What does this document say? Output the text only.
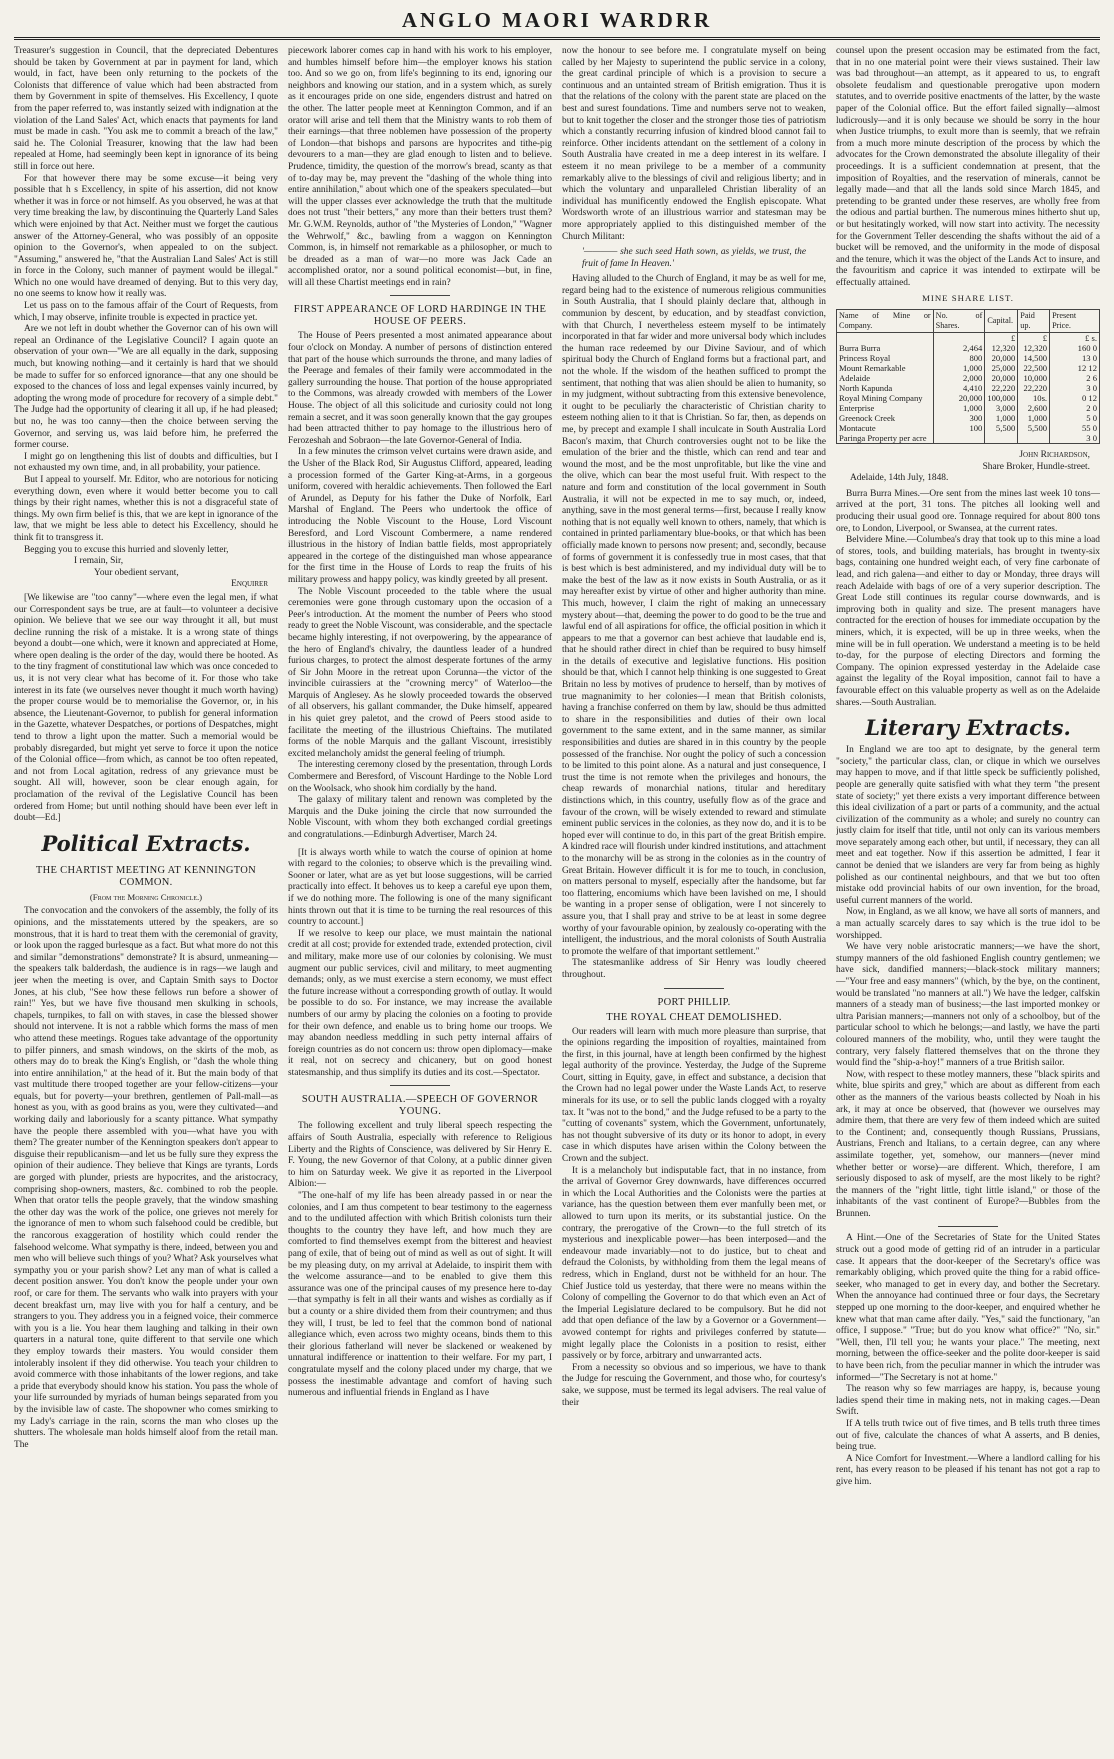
ANGLO MAORI WARDRR

Treasurer's suggestion in Council, that the depreciated Debentures should be taken by Government at par in payment for land, which would, in fact, have been only returning to the pockets of the Colonists that difference of value which had been abstracted from them by Government in spite of themselves. His Excellency, I quote from the paper referred to, was instantly seized with indignation at the violation of the Land Sales' Act, which enacts that payments for land must be made in cash. "You ask me to commit a breach of the law," said he. The Colonial Treasurer, knowing that the law had been repealed at Home, had seemingly been kept in ignorance of its being still in force out here.

For that however there may be some excuse—it being very possible that h s Excellency, in spite of his assertion, did not know whether it was in force or not himself. As you observed, he was at that very time breaking the law, by discontinuing the Quarterly Land Sales which were enjoined by that Act. Neither must we forget the cautious answer of the Attorney-General, who was possibly of an opposite opinion to the Governor's, when appealed to on the subject. "Assuming," answered he, "that the Australian Land Sales' Act is still in force in the Colony, such manner of payment would be illegal." Which no one would have dreamed of denying. But to this very day, no one seems to know how it really was.

Let us pass on to the famous affair of the Court of Requests, from which, I may observe, infinite trouble is expected in practice yet.

Are we not left in doubt whether the Governor can of his own will repeal an Ordinance of the Legislative Council? I again quote an observation of your own—"We are all equally in the dark, supposing much, but knowing nothing—and it certainly is hard that we should be made to suffer for so enforced ignorance—that any one should be exposed to the chances of loss and legal expenses vainly incurred, by adopting the wrong mode of procedure for recovery of a simple debt." The Judge had the opportunity of clearing it all up, if he had pleased; but no, he was too canny—then the choice between serving the Governor, and serving us, was laid before him, he preferred the former course.

I might go on lengthening this list of doubts and difficulties, but I not exhausted my own time, and, in all probability, your patience.

But I appeal to yourself. Mr. Editor, who are notorious for noticing everything down, even where it would better become you to call things by their right names, whether this is not a disgraceful state of things. My own firm belief is this, that we are kept in ignorance of the law, that we might be less able to detect his Excellency, should he think fit to transgress it.

Begging you to excuse this hurried and slovenly letter,

I remain, Sir,

Your obedient servant,

Enquirer

[We likewise are "too canny"—where even the legal men, if what our Correspondent says be true, are at fault—to volunteer a decisive opinion. We believe that we see our way throught it all, but must decline running the risk of a mistake. It is a wrong state of things beyond a doubt—one which, were it known and appreciated at Home, where open dealing is the order of the day, would there be hooted. As to the tiny fragment of constitutional law which was once conceded to us, it is not very clear what has become of it. For those who take interest in its fate (we ourselves never thought it much worth having) the proper course would be to memorialise the Governor, or, in his absence, the Lieutenant-Governor, to publish for general information in the Gazette, whatever Despatches, or portions of Despatches, might tend to throw a light upon the matter. Such a memorial would be probably disregarded, but might yet serve to force it upon the notice of the Colonial office—from which, as cannot be too often repeated, and not from Local agitation, redress of any grievance must be sought. All will, however, soon be clear enough again, for proclamation of the revival of the Legislative Council has been ordered from Home; but until nothing should have been ever left in doubt—Ed.]

Political Extracts.
THE CHARTIST MEETING AT KENNINGTON COMMON.
(From the Morning Chronicle.)

The convocation and the convokers of the assembly, the folly of its opinions, and the misstatements uttered by the speakers, are so monstrous, that it is hard to treat them with the ceremonial of gravity, or look upon the ragged burlesque as a fact. But what more do not this and similar "demonstrations" demonstrate? It is absurd, unmeaning—the speakers talk balderdash, the audience is in rags—we laugh and jeer when the meeting is over, and Captain Smith says to Doctor Jones, at his club, "See how these fellows run before a shower of rain!" Yes, but we have five thousand men skulking in schools, chapels, turnpikes, to fall on with staves, in case the blessed shower should not intervene. It is not a rabble which forms the mass of men who attend these meetings. Rogues take advantage of the opportunity to pilfer pinners, and smash windows, on the skirts of the mob, as others may do to break the King's English, or "dash the whole thing into entire annihilation," at the head of it. But the main body of that vast multitude there trooped together are your fellow-citizens—your equals, but for poverty—your brethren, gentlemen of Pall-mall—as honest as you, with as good brains as you, were they cultivated—and working daily and laboriously for a scanty pittance. What sympathy have the people there assembled with you—what have you with them? The greater number of the Kennington speakers don't appear to disguise their republicanism—and let us be fully sure they express the opinion of their audience. They believe that Kings are tyrants, Lords are gorged with plunder, priests are hypocrites, and the aristocracy, comprising shop-owners, masters, &c. combined to rob the people. When that orator tells the people gravely, that the window smashing the other day was the work of the police, one grieves not merely for the ignorance of men to whom such falsehood could be credible, but the rancorous exaggeration of hostility which could render the falsehood welcome. What sympathy is there, indeed, between you and men who will believe such things of you? What? Ask yourselves what sympathy you or your parish show? Let any man of what is called a decent position answer. You don't know the people under your own roof, or care for them. The servants who walk into prayers with your decent breakfast urn, may live with you for half a century, and be strangers to you. They address you in a feigned voice, their commerce with you is a lie. You hear them laughing and talking in their own quarters in a natural tone, quite different to that servile one which they employ towards their masters. You would consider them intolerably insolent if they did otherwise. You teach your children to avoid commerce with those inhabitants of the lower regions, and take a pride that everybody should know his station. You pass the whole of your life surrounded by myriads of human beings separated from you by the invisible law of caste. The shopowner who comes smirking to my Lady's carriage in the rain, scorns the man who closes up the shutters. The wholesale man holds himself aloof from the retail man. The

piecework laborer comes cap in hand with his work to his employer, and humbles himself before him—the employer knows his station too. And so we go on, from life's beginning to its end, ignoring our neighbors and knowing our station, and in a system which, as surely as it encourages pride on one side, engenders distrust and hatred on the other. The latter people meet at Kennington Common, and if an orator will arise and tell them that the Ministry wants to rob them of their earnings—that three noblemen have possession of the property of London—that bishops and parsons are hypocrites and tithe-pig devourers to a man—they are glad enough to listen and to believe. Prudence, timidity, the question of the morrow's bread, scanty as that of to-day may be, may prevent the "dashing of the whole thing into entire annihilation," about which one of the speakers speculated—but will the upper classes ever acknowledge the truth that the multitude does not trust "their betters," any more than their betters trust them? Mr. G.W.M. Reynolds, author of "the Mysteries of London," "Wagner the Wehrwolf," &c., bawling from a waggon on Kennington Common, is, in himself not remarkable as a philosopher, or much to be dreaded as a man of war—no more was Jack Cade an accomplished orator, nor a sound political economist—but, in fine, will all these Chartist meetings end in rain?

FIRST APPEARANCE OF LORD HARDINGE IN THE HOUSE OF PEERS.

The House of Peers presented a most animated appearance about four o'clock on Monday. A number of persons of distinction entered that part of the house which surrounds the throne, and many ladies of the Peerage and females of their family were accommodated in the gallery surrounding the house. That portion of the house appropriated to the Commons, was already crowded with members of the Lower House. The object of all this solicitude and curiosity could not long remain a secret, and it was soon generally known that the gay groupes had been attracted thither to pay homage to the illustrious hero of Ferozeshah and Sobraon—the late Governor-General of India.

In a few minutes the crimson velvet curtains were drawn aside, and the Usher of the Black Rod, Sir Augustus Clifford, appeared, leading a procession formed of the Garter King-at-Arms, in a gorgeous uniform, covered with heraldic achievements. Then followed the Earl of Arundel, as Deputy for his father the Duke of Norfolk, Earl Marshal of England. The Peers who undertook the office of introducing the Noble Viscount to the House, Lord Viscount Beresford, and Lord Viscount Combermere, a name rendered illustrious in the history of Indian battle fields, most appropriately appeared in the cortege of the distinguished man whose appearance for the first time in the House of Lords to reap the fruits of his military prowess and happy policy, was kindly greeted by all present.

The Noble Viscount proceeded to the table where the usual ceremonies were gone through customary upon the occasion of a Peer's introduction. At the moment the number of Peers who stood ready to greet the Noble Viscount, was considerable, and the spectacle became highly interesting, if not overpowering, by the appearance of the hero of England's chivalry, the dauntless leader of a hundred furious charges, to protect the almost desperate fortunes of the army of Sir John Moore in the retreat upon Corunna—the victor of the invincible cuirassiers at the "crowning mercy" of Waterloo—the Marquis of Anglesey. As he slowly proceeded towards the observed of all observers, his gallant commander, the Duke himself, appeared in his quiet grey paletot, and the crowd of Peers stood aside to facilitate the meeting of the illustrious Chieftains. The mutilated forms of the noble Marquis and the gallant Viscount, irresistibly excited melancholy amidst the general feeling of triumph.

The interesting ceremony closed by the presentation, through Lords Combermere and Beresford, of Viscount Hardinge to the Noble Lord on the Woolsack, who shook him cordially by the hand.

The galaxy of military talent and renown was completed by the Marquis and the Duke joining the circle that now surrounded the Noble Viscount, with whom they both exchanged cordial greetings and congratulations.—Edinburgh Advertiser, March 24.

[It is always worth while to watch the course of opinion at home with regard to the colonies; to observe which is the prevailing wind. Sooner or later, what are as yet but loose suggestions, will be carried practically into effect. It behoves us to keep a careful eye upon them, if we do nothing more. The following is one of the many significant hints thrown out that it is time to be turning the real resources of this country to account.]

If we resolve to keep our place, we must maintain the national credit at all cost; provide for extended trade, extended protection, civil and military, make more use of our colonies by colonising. We must augment our public services, civil and military, to meet augmenting demands; only, as we must exercise a stern economy, we must effect the future increase without a corresponding growth of outlay. It would be possible to do so. For instance, we may increase the available numbers of our army by placing the colonies on a footing to provide for their own defence, and enable us to bring home our troops. We may abandon needless meddling in such petty internal affairs of foreign countries as do not concern us: throw open diplomacy—make it real, not on secrecy and chicanery, but on good honest statesmanship, and thus simplify its duties and its cost.—Spectator.

SOUTH AUSTRALIA.—SPEECH OF GOVERNOR YOUNG.

The following excellent and truly liberal speech respecting the affairs of South Australia, especially with reference to Religious Liberty and the Rights of Conscience, was delivered by Sir Henry E. F. Young, the new Governor of that Colony, at a public dinner given to him on Saturday week. We give it as reported in the Liverpool Albion:—

"The one-half of my life has been already passed in or near the colonies, and I am thus competent to bear testimony to the eagerness and to the undiluted affection with which British colonists turn their thoughts to the country they have left, and how much they are comforted to find themselves exempt from the bitterest and heaviest pang of exile, that of being out of mind as well as out of sight. It will be my pleasing duty, on my arrival at Adelaide, to inspirit them with the welcome assurance—and to be enabled to give them this assurance was one of the principal causes of my presence here to-day—that sympathy is felt in all their wants and wishes as cordially as if but a county or a shire divided them from their countrymen; and thus they will, I trust, be led to feel that the common bond of national allegiance which, even across two mighty oceans, binds them to this their glorious fatherland will never be slackened or weakened by unnatural indifference or inattention to their welfare. For my part, I congratulate myself and the colony placed under my charge, that we possess the inestimable advantage and comfort of having such numerous and influential friends in England as I have

now the honour to see before me. I congratulate myself on being called by her Majesty to superintend the public service in a colony, the great cardinal principle of which is a provision to secure a continuous and an untainted stream of British emigration. Thus it is that the relations of the colony with the parent state are placed on the best and surest foundations. Time and numbers serve not to weaken, but to knit together the closer and the stronger those ties of patriotism which a constantly recurring infusion of kindred blood cannot fail to reinforce. Other incidents attendant on the settlement of a colony in South Australia have created in me a deep interest in its welfare. I esteem it no mean privilege to be a member of a community remarkably alive to the blessings of civil and religious liberty; and in which the voluntary and unparalleled Christian liberality of an individual has munificently endowed the English episcopate. What Wordsworth wrote of an illustrious warrior and statesman may be more appropriately applied to this distinguished member of the Church Militant:

'———— she such seed Hath sown, as yields, we trust, the fruit of fame In Heaven.'

Having alluded to the Church of England, it may be as well for me, regard being had to the existence of numerous religious communities in South Australia, that I should plainly declare that, although in communion by descent, by education, and by steadfast conviction, with that Church, I nevertheless esteem myself to be intimately incorporated in that far wider and more universal body which includes the human race redeemed by our Divine Saviour, and of which spiritual body the Church of England forms but a fractional part, and not the whole. If the wisdom of the heathen sufficed to prompt the sentiment, that nothing that was alien should be alien to humanity, so in my judgment, without subtracting from this extensive benevolence, it ought to be peculiarly the characteristic of Christian charity to esteem nothing alien to it that is Christian. So far, then, as depends on me, by precept and example I shall inculcate in South Australia Lord Bacon's maxim, that Church controversies ought not to be like the emulation of the brier and the thistle, which can rend and tear and wound the most, and be the most unprofitable, but like the vine and the olive, which can bear the most useful fruit. With respect to the nature and form and constitution of the local government in South Australia, it will not be expected in me to say much, or, indeed, anything, save in the most general terms—first, because I really know nothing that is not equally well known to others, namely, that which is contained in printed parliamentary blue-books, or that which has been officially made known to persons now present; and, secondly, because of forms of government it is confessedly true in most cases, that that is best which is best administered, and my individual duty will be to make the best of the law as it now exists in South Australia, or as it may hereafter exist by virtue of other and higher authority than mine. This much, however, I claim the right of making an unnecessary mystery about—that, deeming the power to do good to be the true and lawful end of all aspirations for office, the official position in which it appears to me that a governor can best achieve that laudable end is, that he should rather direct in chief than be required to busy himself in the details of executive and legislative functions. His position should be that, which I cannot help thinking is one suggested to Great Britain no less by motives of prudence to herself, than by motives of true magnanimity to her colonies—I mean that British colonists, having a franchise conferred on them by law, should be thus admitted to share in the responsibilities and duties of their own local government to the same extent, and in the same manner, as similar responsibilities and duties are shared in in this country by the people possessed of the franchise. Nor ought the policy of such a concession to be limited to this point alone. As a natural and just consequence, I trust the time is not remote when the privileges and honours, the cheap rewards of monarchial nations, titular and hereditary distinctions which, in this country, usefully flow as of the grace and favour of the crown, will be wisely extended to reward and stimulate eminent public services in the colonies, as they now do, and it is to be hoped ever will continue to do, in this part of the great British empire. A kindred race will flourish under kindred institutions, and attachment to the monarchy will be as strong in the colonies as in the country of Great Britain. However difficult it is for me to touch, in conclusion, on matters personal to myself, especially after the handsome, but far too flattering, encomiums which have been lavished on me, I should be wanting in a proper sense of obligation, were I not sincerely to assure you, that I shall pray and strive to be at least in some degree worthy of your favourable opinion, by zealously co-operating with the intelligent, the industrious, and the moral colonists of South Australia to promote the welfare of that important settlement."

The statesmanlike address of Sir Henry was loudly cheered throughout.

PORT PHILLIP.
THE ROYAL CHEAT DEMOLISHED.

Our readers will learn with much more pleasure than surprise, that the opinions regarding the imposition of royalties, maintained from the first, in this journal, have at length been confirmed by the highest legal authority of the province. Yesterday, the Judge of the Supreme Court, sitting in Equity, gave, in effect and substance, a decision that the Crown had no legal power under the Waste Lands Act, to reserve minerals for its use, or to sell the public lands clogged with a royalty tax. It "was not to the bond," and the Judge refused to be a party to the "cutting of covenants" system, which the Government, unfortunately, has not thought subversive of its duty or its honor to adopt, in every case in which disputes have arisen within the Colony between the Crown and the subject.

It is a melancholy but indisputable fact, that in no instance, from the arrival of Governor Grey downwards, have differences occurred in which the Local Authorities and the Colonists were the parties at variance, has the question between them ever manfully been met, or allowed to turn upon its merits, or its substantial justice. On the contrary, the prerogative of the Crown—to the full stretch of its mysterious and inexplicable power—has been interposed—and the endeavour made invariably—not to do justice, but to cheat and defraud the Colonists, by withholding from them the legal means of redress, which in England, durst not be withheld for an hour. The Chief Justice told us yesterday, that there were no means within the Colony of compelling the Governor to do that which even an Act of the Imperial Legislature declared to be compulsory. But he did not add that open defiance of the law by a Governor or a Government—avowed contempt for rights and privileges conferred by statute—might legally place the Colonists in a position to resist, either passively or by force, arbitrary and unwarranted acts.

From a necessity so obvious and so imperious, we have to thank the Judge for rescuing the Government, and those who, for courtesy's sake, we suppose, must be termed its legal advisers. The real value of their

counsel upon the present occasion may be estimated from the fact, that in no one material point were their views sustained. Their law was bad throughout—an attempt, as it appeared to us, to engraft obsolete feudalism and questionable prerogative upon modern statutes, and to override positive enactments of the latter, by the waste paper of the Colonial office. But the effort failed signally—almost ludicrously—and it is only because we should be sorry in the hour when Justice triumphs, to exult more than is seemly, that we refrain from a much more minute description of the process by which the advocates for the Crown demonstrated the absolute illegality of their proceedings. It is a sufficient condemnation at present, that the imposition of Royalties, and the reservation of minerals, cannot be legally made—and that all the lands sold since March 1845, and pretending to be granted under these reserves, are wholly free from the odious and partial burthen. The numerous mines hitherto shut up, or but hesitatingly worked, will now start into activity. The necessity for the Government Teller descending the shafts without the aid of a bucket will be removed, and the uniformity in the mode of disposal and the tenure, which it was the object of the Lands Act to insure, and the favouritism and caprice it was intended to extirpate will be effectually attained.

MINE SHARE LIST.
Name of Mine or Company.	No. of Shares.	Capital.	Paid up.	Present Price.
		£	£	£ s.
Burra Burra	2,464	12,320	12,320	160 0
Princess Royal	800	20,000	14,500	13 0
Mount Remarkable	1,000	25,000	22,500	12 12
Adelaide	2,000	20,000	10,000	2 6
North Kapunda	4,410	22,220	22,220	3 0
Royal Mining Company	20,000	100,000	10s.	0 12
Enterprise	1,000	3,000	2,600	2 0
Greenock Creek	300	1,000	1,000	5 0
Montacute	100	5,500	5,500	55 0
Paringa Property per acre				3 0

John Richardson,

Share Broker, Hundle-street.

Adelaide, 14th July, 1848.

Burra Burra Mines.—Ore sent from the mines last week 10 tons—arrived at the port, 31 tons. The pitches all looking well and producing their usual good ore. Tonnage required for about 800 tons ore, to London, Liverpool, or Swansea, at the current rates.

Belvidere Mine.—Columbea's dray that took up to this mine a load of stores, tools, and building materials, has brought in twenty-six bags, containing one hundred weight each, of very fine carbonate of lead, and rich galena—and either to day or Monday, three drays will reach Adelaide with bags of ore of a very superior description. The Great Lode still continues its regular course downwards, and is improving both in quality and size. The present managers have contracted for the erection of houses for immediate occupation by the miners, which, it is expected, will be up in three weeks, when the mine will be in full operation. We understand a meeting is to be held to-day, for the purpose of electing Directors and forming the Company. The opinion expressed yesterday in the Adelaide case against the legality of the Royal imposition, cannot fail to have a favourable effect on this valuable property as well as on the Adelaide shares.—South Australian.

Literary Extracts.

In England we are too apt to designate, by the general term "society," the particular class, clan, or clique in which we ourselves may happen to move, and if that little speck be sufficiently polished, people are generally quite satisfied with what they term "the present state of society;" yet there exists a very important difference between this ideal civilization of a part or parts of a community, and the actual civilization of the community as a whole; and surely no country can justly claim for itself that title, until not only can its various members move separately among each other, but until, if necessary, they can all meet and eat together. Now if this assertion be admitted, I fear it cannot be denied that we islanders are very far from being as highly polished as our continental neighbours, and that we but too often mistake odd provincial habits of our own invention, for the broad, useful current manners of the world.

Now, in England, as we all know, we have all sorts of manners, and a man actually scarcely dares to say which is the true idol to be worshipped.

We have very noble aristocratic manners;—we have the short, stumpy manners of the old fashioned English country gentlemen; we have sick, dandified manners;—black-stock military manners;—"Your free and easy manners" (which, by the bye, on the continent, would be translated "no manners at all.") We have the ledger, calfskin manners of a steady man of business;—the last imported monkey or ultra Parisian manners;—manners not only of a schoolboy, but of the particular school to which he belongs;—and lastly, we have the parti coloured manners of the mobility, who, until they were taught the contrary, very falsely flattered themselves that on the throne they would find the "ship-a-hoy!" manners of a true British sailor.

Now, with respect to these motley manners, these "black spirits and white, blue spirits and grey," which are about as different from each other as the manners of the various beasts collected by Noah in his ark, it may at once be observed, that (however we ourselves may admire them, that there are very few of them indeed which are suited to the Continent; and, consequently though Russians, Prussians, Austrians, French and Italians, to a certain degree, can any where assimilate together, yet, somehow, our manners—(never mind whether better or worse)—are different. Which, therefore, I am seriously disposed to ask of myself, are the most likely to be right? the manners of the "right little, tight little island," or those of the inhabitants of the vast continent of Europe?—Bubbles from the Brunnen.

A Hint.—One of the Secretaries of State for the United States struck out a good mode of getting rid of an intruder in a particular case. It appears that the door-keeper of the Secretary's office was remarkably obliging, which proved quite the thing for a rabid office-seeker, who managed to get in every day, and bother the Secretary. When the annoyance had continued three or four days, the Secretary stepped up one morning to the door-keeper, and enquired whether he knew what that man came after daily. "Yes," said the functionary, "an office, I suppose." "True; but do you know what office?" "No, sir." "Well, then, I'll tell you; he wants your place." The meeting, next morning, between the office-seeker and the polite door-keeper is said to have been rich, from the peculiar manner in which the intruder was informed—"The Secretary is not at home."

The reason why so few marriages are happy, is, because young ladies spend their time in making nets, not in making cages.—Dean Swift.

If A tells truth twice out of five times, and B tells truth three times out of five, calculate the chances of what A asserts, and B denies, being true.

A Nice Comfort for Investment.—Where a landlord calling for his rent, has every reason to be pleased if his tenant has not got a rap to give him.
